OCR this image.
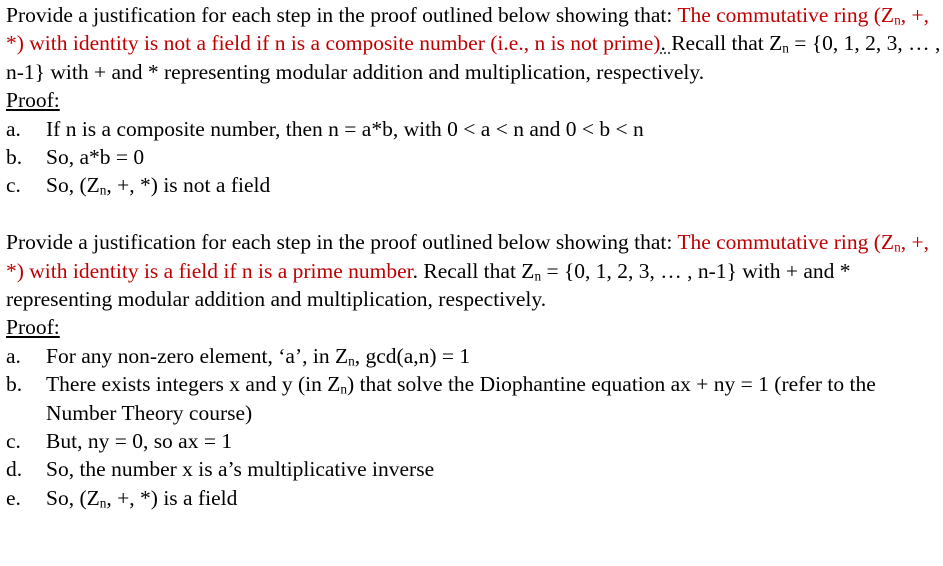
Provide a justification for each step in the proof outlined below showing that: The commutative ring ($Z_n$, +, *) with identity is not a field if n is a composite number (i.e., n is not prime). Recall that $Z_n = \{0$, 1, 2, 3, … , n-1} with + and * representing modular addition and multiplication, respectively.

Proof:
a.	If n is a composite number, then n = a*b, with 0 < a < n and 0 < b < n
b.	So, a*b = 0
c.	So, ($Z_n$, +, *) is not a field

Provide a justification for each step in the proof outlined below showing that: The commutative ring ($Z_n$, +, *) with identity is a field if n is a prime number. Recall that $Z_n = \{0$, 1, 2, 3, … , n-1} with + and * representing modular addition and multiplication, respectively.

Proof:
a.	For any non-zero element, ‘a’, in $Z_n$, gcd(a,n) = 1
b.	There exists integers x and y (in $Z_n$) that solve the Diophantine equation ax + ny = 1 (refer to the Number Theory course)
c.	But, ny = 0, so ax = 1
d.	So, the number x is a’s multiplicative inverse
e.	So, ($Z_n$, +, *) is a field
